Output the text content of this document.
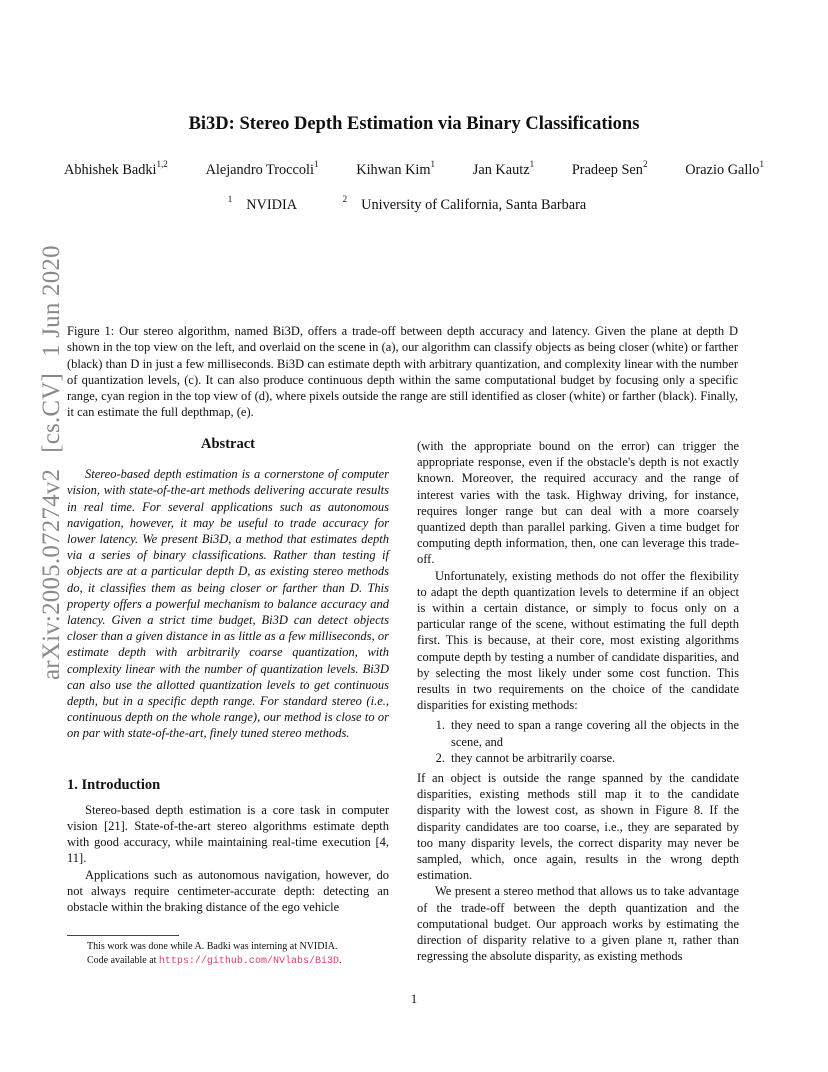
arXiv:2005.07274v2[cs.CV]1 Jun 2020
Bi3D: Stereo Depth Estimation via Binary Classifications
Abhishek Badki$^{1,2}$	Alejandro Troccoli$^1$	Kihwan Kim$^1$	Jan Kautz$^1$	Pradeep Sen$^2$	Orazio Gallo$^1$
$^1$ NVIDIA	$^2$ University of California, Santa Barbara
Figure 1: Our stereo algorithm, named Bi3D, offers a trade-off between depth accuracy and latency. Given the plane at depth D shown in the top view on the left, and overlaid on the scene in (a), our algorithm can classify objects as being closer (white) or farther (black) than D in just a few milliseconds. Bi3D can estimate depth with arbitrary quantization, and complexity linear with the number of quantization levels, (c). It can also produce continuous depth within the same computational budget by focusing only a specific range, cyan region in the top view of (d), where pixels outside the range are still identified as closer (white) or farther (black). Finally, it can estimate the full depthmap, (e).
Abstract

Stereo-based depth estimation is a cornerstone of computer vision, with state-of-the-art methods delivering accurate results in real time. For several applications such as autonomous navigation, however, it may be useful to trade accuracy for lower latency. We present Bi3D, a method that estimates depth via a series of binary classifications. Rather than testing if objects are at a particular depth D, as existing stereo methods do, it classifies them as being closer or farther than D. This property offers a powerful mechanism to balance accuracy and latency. Given a strict time budget, Bi3D can detect objects closer than a given distance in as little as a few milliseconds, or estimate depth with arbitrarily coarse quantization, with complexity linear with the number of quantization levels. Bi3D can also use the allotted quantization levels to get continuous depth, but in a specific depth range. For standard stereo (i.e., continuous depth on the whole range), our method is close to or on par with state-of-the-art, finely tuned stereo methods.

1. Introduction

Stereo-based depth estimation is a core task in computer vision [21]. State-of-the-art stereo algorithms estimate depth with good accuracy, while maintaining real-time execution [4, 11].

Applications such as autonomous navigation, however, do not always require centimeter-accurate depth: detecting an obstacle within the braking distance of the ego vehicle

(with the appropriate bound on the error) can trigger the appropriate response, even if the obstacle's depth is not exactly known. Moreover, the required accuracy and the range of interest varies with the task. Highway driving, for instance, requires longer range but can deal with a more coarsely quantized depth than parallel parking. Given a time budget for computing depth information, then, one can leverage this trade-off.

Unfortunately, existing methods do not offer the flexibility to adapt the depth quantization levels to determine if an object is within a certain distance, or simply to focus only on a particular range of the scene, without estimating the full depth first. This is because, at their core, most existing algorithms compute depth by testing a number of candidate disparities, and by selecting the most likely under some cost function. This results in two requirements on the choice of the candidate disparities for existing methods:

1. they need to span a range covering all the objects in the scene, and
2. they cannot be arbitrarily coarse.

If an object is outside the range spanned by the candidate disparities, existing methods still map it to the candidate disparity with the lowest cost, as shown in Figure 8. If the disparity candidates are too coarse, i.e., they are separated by too many disparity levels, the correct disparity may never be sampled, which, once again, results in the wrong depth estimation.

We present a stereo method that allows us to take advantage of the trade-off between the depth quantization and the computational budget. Our approach works by estimating the direction of disparity relative to a given plane π, rather than regressing the absolute disparity, as existing methods

This work was done while A. Badki was interning at NVIDIA.
Code available at https://github.com/NVlabs/Bi3D.
1
